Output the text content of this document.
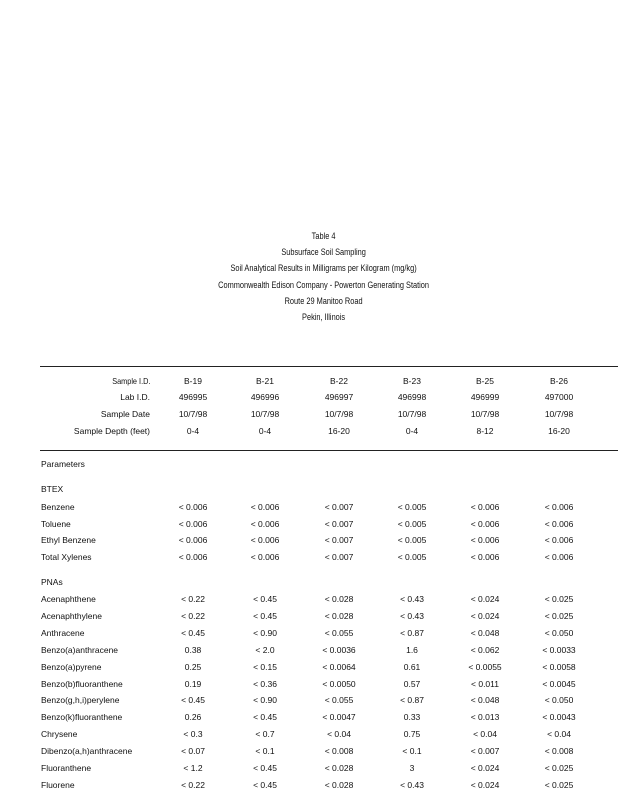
Table 4
Subsurface Soil Sampling
Soil Analytical Results in Milligrams per Kilogram (mg/kg)
Commonwealth Edison Company - Powerton Generating Station
Route 29 Manitoo Road
Pekin, Illinois
Sample I.D.	B-19	B-21	B-22	B-23	B-25	B-26
Lab I.D.	496995	496996	496997	496998	496999	497000
Sample Date	10/7/98	10/7/98	10/7/98	10/7/98	10/7/98	10/7/98
Sample Depth (feet)	0-4	0-4	16-20	0-4	8-12	16-20
Parameters
BTEX
Benzene	< 0.006	< 0.006	< 0.007	< 0.005	< 0.006	< 0.006
Toluene	< 0.006	< 0.006	< 0.007	< 0.005	< 0.006	< 0.006
Ethyl Benzene	< 0.006	< 0.006	< 0.007	< 0.005	< 0.006	< 0.006
Total Xylenes	< 0.006	< 0.006	< 0.007	< 0.005	< 0.006	< 0.006
PNAs
Acenaphthene	< 0.22	< 0.45	< 0.028	< 0.43	< 0.024	< 0.025
Acenaphthylene	< 0.22	< 0.45	< 0.028	< 0.43	< 0.024	< 0.025
Anthracene	< 0.45	< 0.90	< 0.055	< 0.87	< 0.048	< 0.050
Benzo(a)anthracene	0.38	< 2.0	< 0.0036	1.6	< 0.062	< 0.0033
Benzo(a)pyrene	0.25	< 0.15	< 0.0064	0.61	< 0.0055	< 0.0058
Benzo(b)fluoranthene	0.19	< 0.36	< 0.0050	0.57	< 0.011	< 0.0045
Benzo(g,h,i)perylene	< 0.45	< 0.90	< 0.055	< 0.87	< 0.048	< 0.050
Benzo(k)fluoranthene	0.26	< 0.45	< 0.0047	0.33	< 0.013	< 0.0043
Chrysene	< 0.3	< 0.7	< 0.04	0.75	< 0.04	< 0.04
Dibenzo(a,h)anthracene	< 0.07	< 0.1	< 0.008	< 0.1	< 0.007	< 0.008
Fluoranthene	< 1.2	< 0.45	< 0.028	3	< 0.024	< 0.025
Fluorene	< 0.22	< 0.45	< 0.028	< 0.43	< 0.024	< 0.025
